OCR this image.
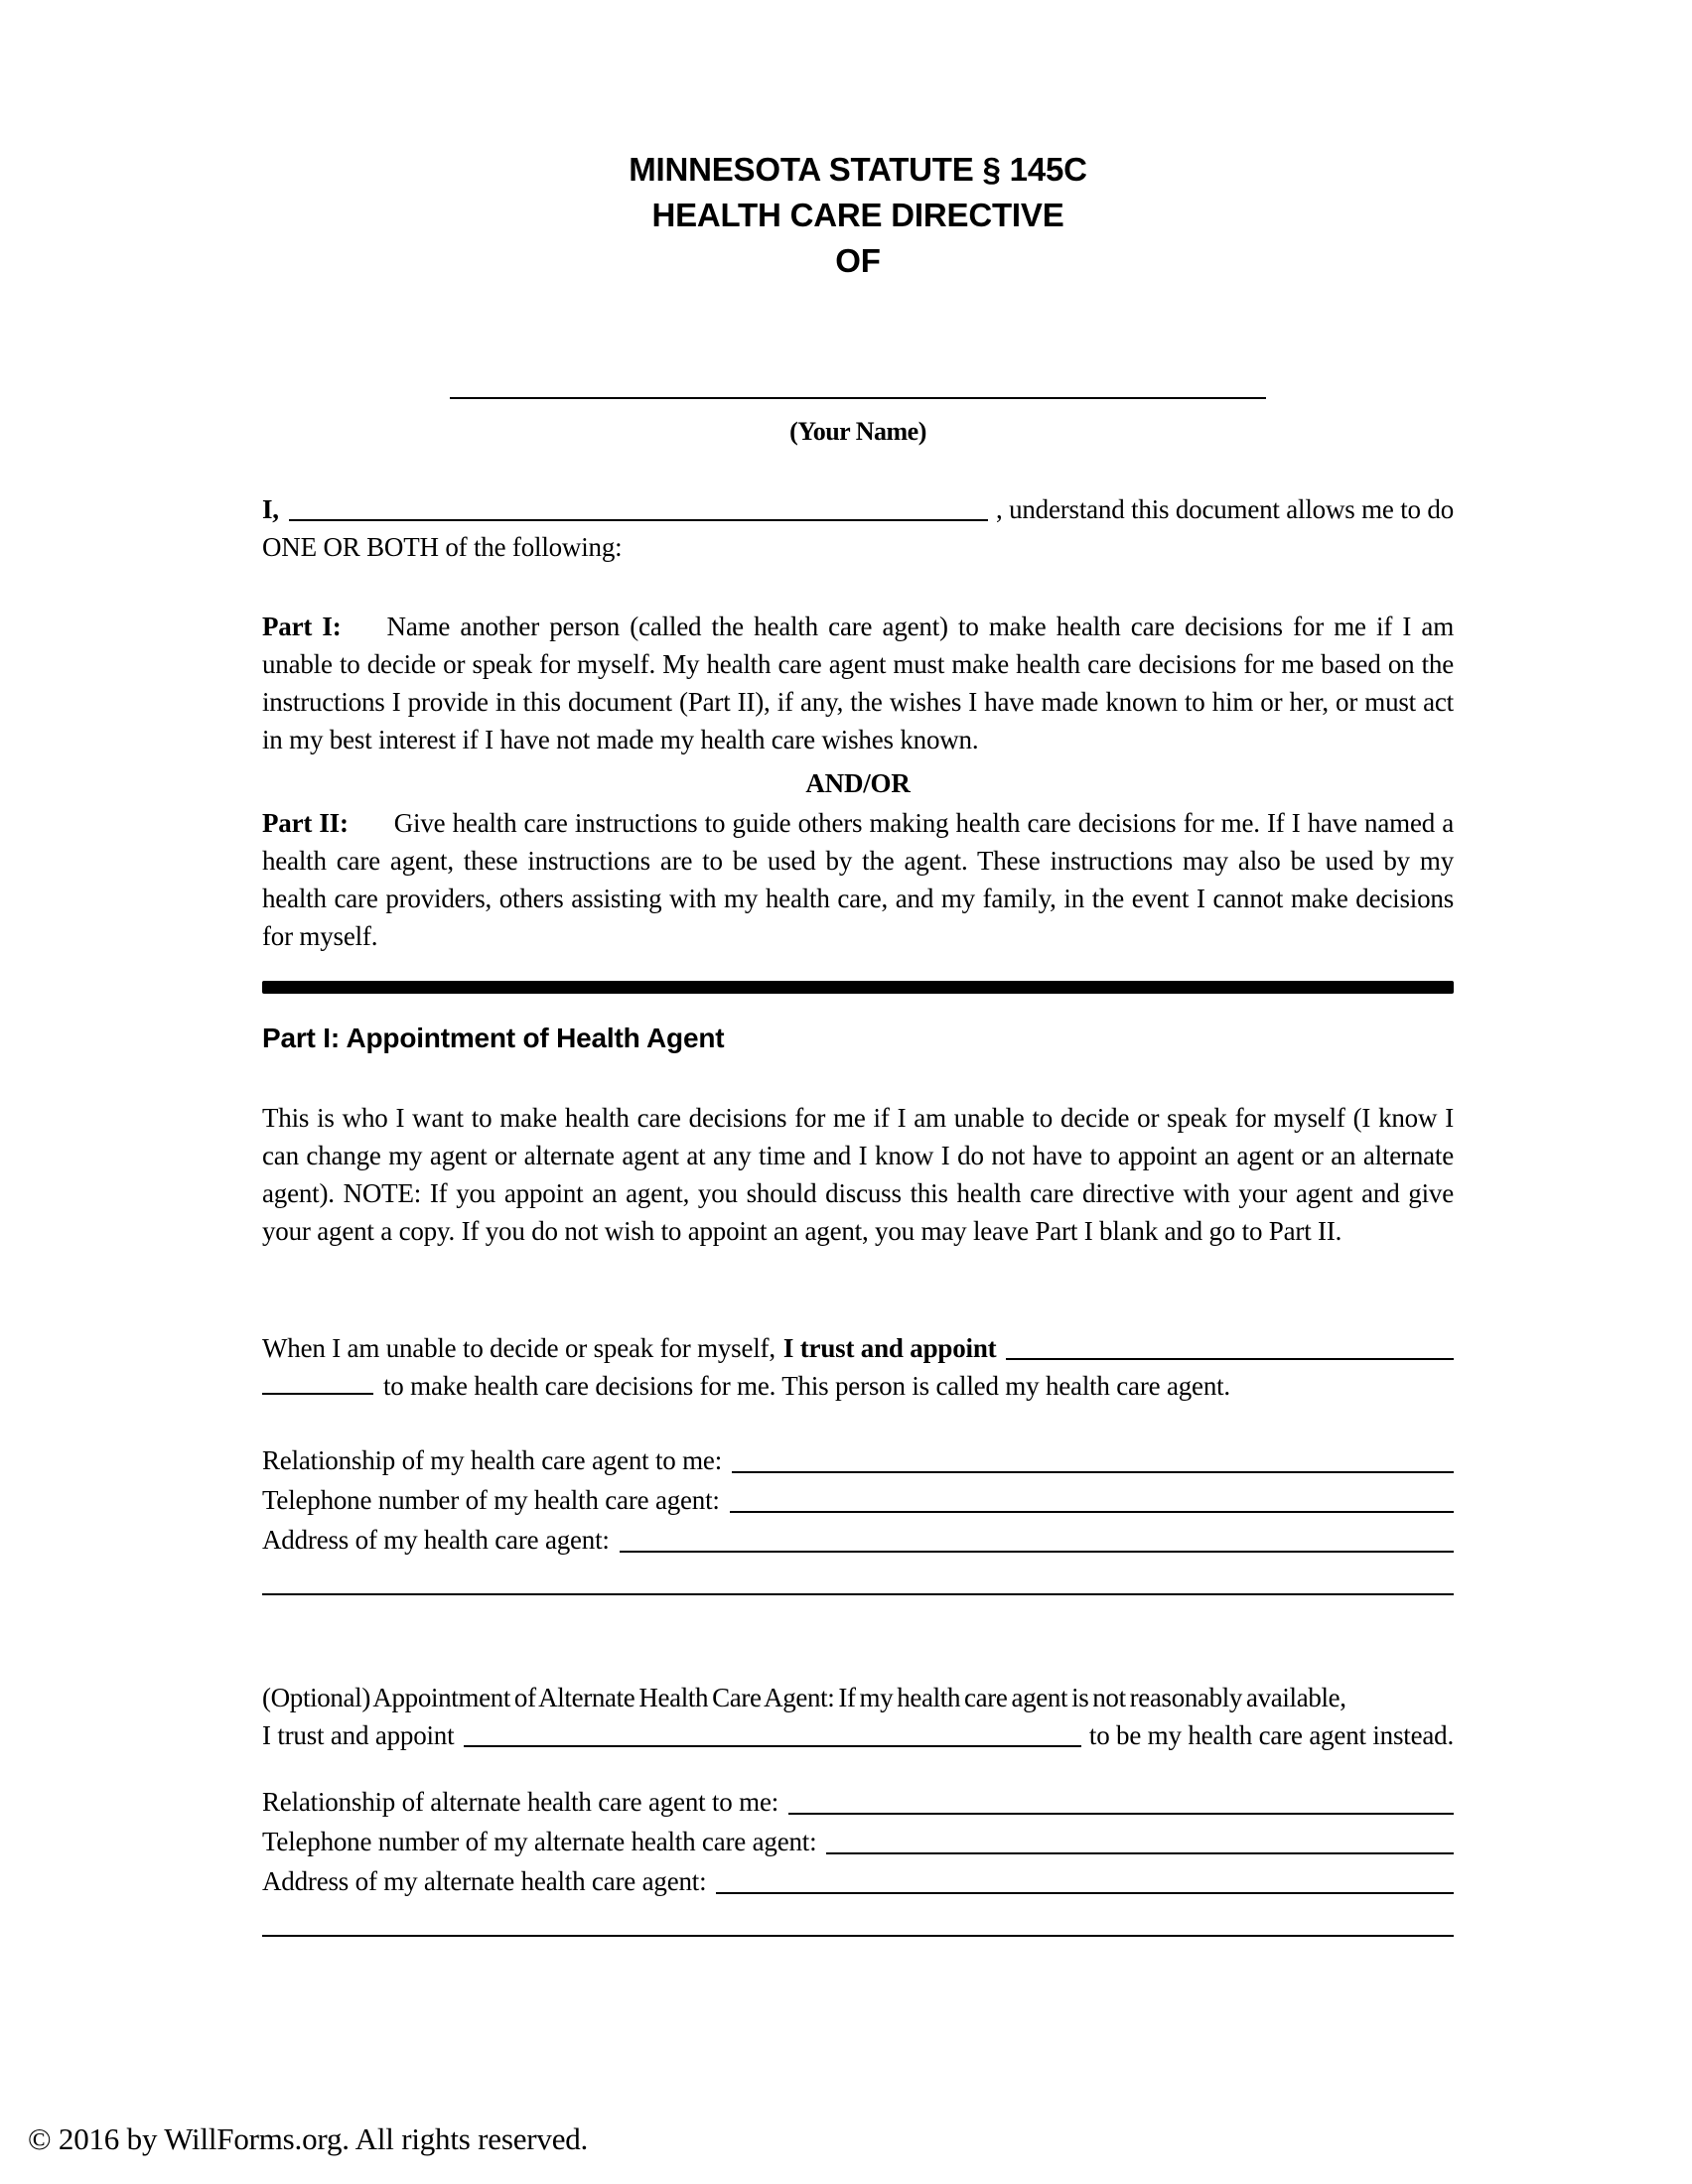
MINNESOTA STATUTE § 145C
HEALTH CARE DIRECTIVE
OF
(Your Name)
I,	, understand this document allows me to do
ONE OR BOTH of the following:

Part I: Name another person (called the health care agent) to make health care decisions for me if I am unable to decide or speak for myself. My health care agent must make health care decisions for me based on the instructions I provide in this document (Part II), if any, the wishes I have made known to him or her, or must act in my best interest if I have not made my health care wishes known.

AND/OR

Part II: Give health care instructions to guide others making health care decisions for me. If I have named a health care agent, these instructions are to be used by the agent. These instructions may also be used by my health care providers, others assisting with my health care, and my family, in the event I cannot make decisions for myself.

Part I: Appointment of Health Agent

This is who I want to make health care decisions for me if I am unable to decide or speak for myself (I know I can change my agent or alternate agent at any time and I know I do not have to appoint an agent or an alternate agent). NOTE: If you appoint an agent, you should discuss this health care directive with your agent and give your agent a copy. If you do not wish to appoint an agent, you may leave Part I blank and go to Part II.

When I am unable to decide or speak for myself, I trust and appoint
to make health care decisions for me. This person is called my health care agent.
Relationship of my health care agent to me:
Telephone number of my health care agent:
Address of my health care agent:
(Optional) Appointment of Alternate Health Care Agent: If my health care agent is not reasonably available,
I trust and appoint	to be my health care agent instead.
Relationship of alternate health care agent to me:
Telephone number of my alternate health care agent:
Address of my alternate health care agent:
© 2016 by WillForms.org. All rights reserved.
